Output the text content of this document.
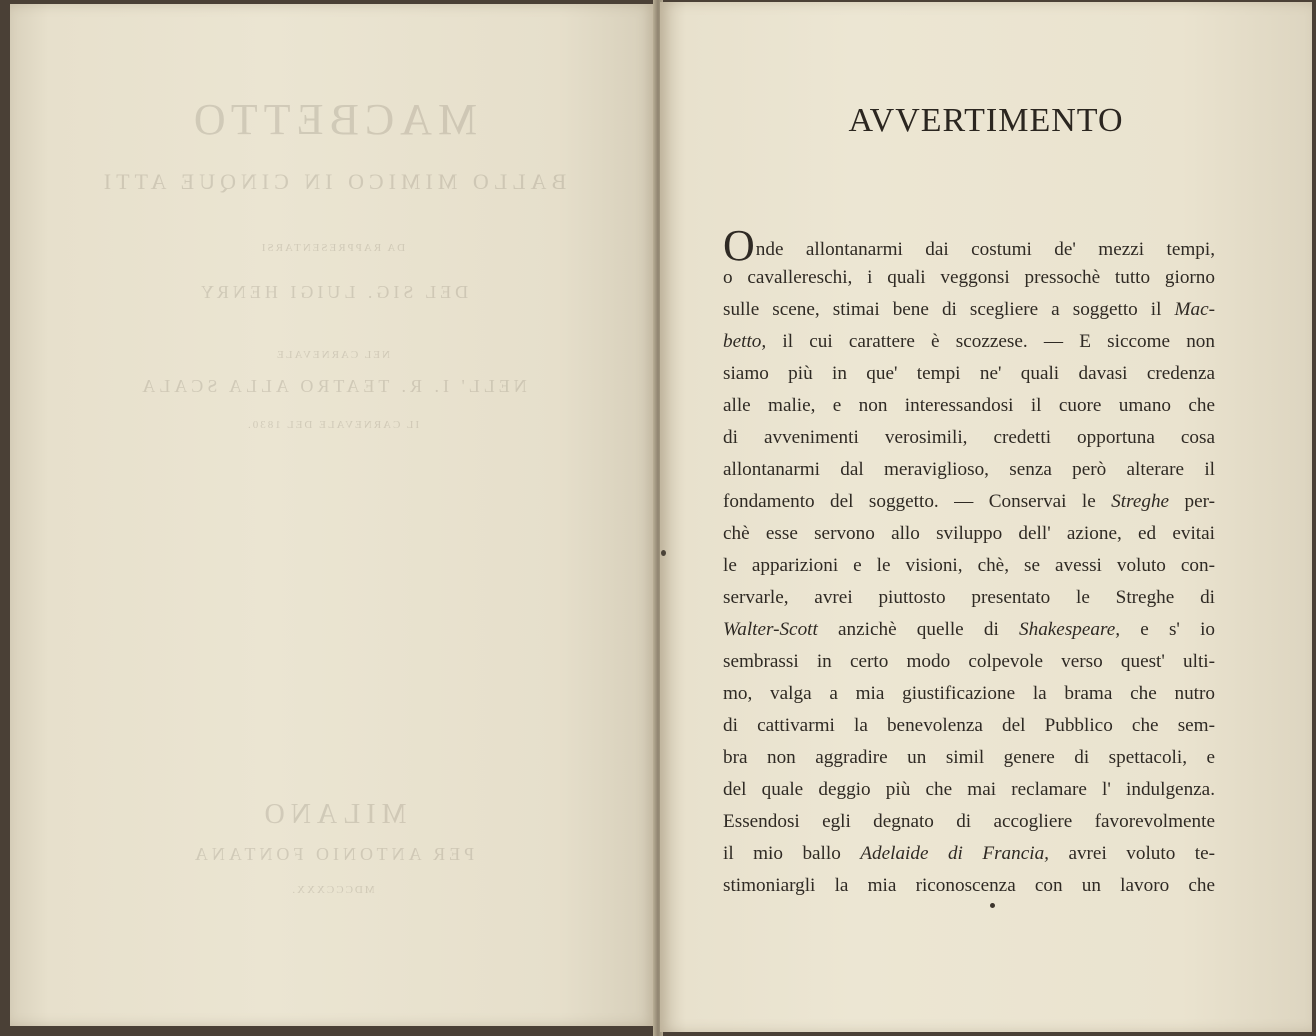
MACBETTO
BALLO MIMICO IN CINQUE ATTI
DA RAPPRESENTARSI
DEL SIG. LUIGI HENRY
NEL CARNEVALE
NELL' I. R. TEATRO ALLA SCALA
IL CARNEVALE DEL 1830.
MILANO
PER ANTONIO FONTANA
MDCCCXXX.
AVVERTIMENTO
Onde allontanarmi dai costumi de' mezzi tempi,
o cavallereschi, i quali veggonsi pressochè tutto giorno
sulle scene, stimai bene di scegliere a soggetto il Mac-
betto, il cui carattere è scozzese. — E siccome non
siamo più in que' tempi ne' quali davasi credenza
alle malie, e non interessandosi il cuore umano che
di avvenimenti verosimili, credetti opportuna cosa
allontanarmi dal meraviglioso, senza però alterare il
fondamento del soggetto. — Conservai le Streghe per-
chè esse servono allo sviluppo dell' azione, ed evitai
le apparizioni e le visioni, chè, se avessi voluto con-
servarle, avrei piuttosto presentato le Streghe di
Walter-Scott anzichè quelle di Shakespeare, e s' io
sembrassi in certo modo colpevole verso quest' ulti-
mo, valga a mia giustificazione la brama che nutro
di cattivarmi la benevolenza del Pubblico che sem-
bra non aggradire un simil genere di spettacoli, e
del quale deggio più che mai reclamare l' indulgenza.
Essendosi egli degnato di accogliere favorevolmente
il mio ballo Adelaide di Francia, avrei voluto te-
stimoniargli la mia riconoscenza con un lavoro che
